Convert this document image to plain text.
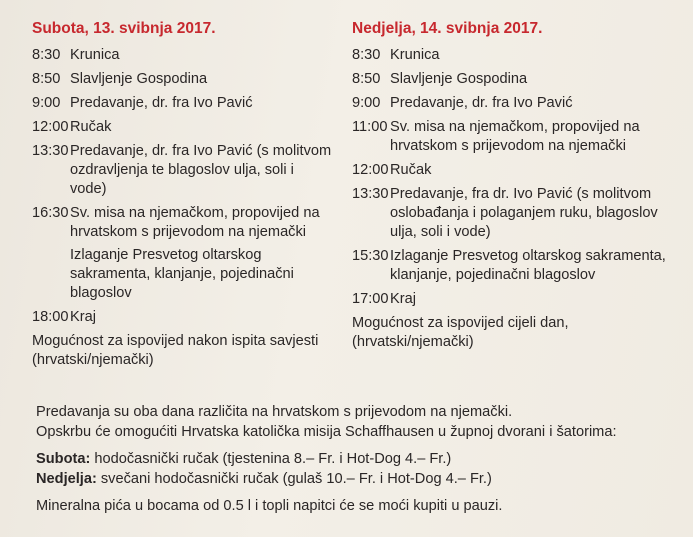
Subota, 13. svibnja 2017.
8:30 Krunica
8:50 Slavljenje Gospodina
9:00 Predavanje, dr. fra Ivo Pavić
12:00 Ručak
13:30 Predavanje, dr. fra Ivo Pavić (s molitvom ozdravljenja te blagoslov ulja, soli i vode)
16:30 Sv. misa na njemačkom, propovijed na hrvatskom s prijevodom na njemački
Izlaganje Presvetog oltarskog sakramenta, klanjanje, pojedinačni blagoslov
18:00 Kraj

Mogućnost za ispovijed nakon ispita savjesti (hrvatski/njemački)

Nedjelja, 14. svibnja 2017.
8:30 Krunica
8:50 Slavljenje Gospodina
9:00 Predavanje, dr. fra Ivo Pavić
11:00 Sv. misa na njemačkom, propovijed na hrvatskom s prijevodom na njemački
12:00 Ručak
13:30 Predavanje, fra dr. Ivo Pavić (s molitvom oslobađanja i polaganjem ruku, blagoslov ulja, soli i vode)
15:30 Izlaganje Presvetog oltarskog sakramenta, klanjanje, pojedinačni blagoslov
17:00 Kraj

Mogućnost za ispovijed cijeli dan, (hrvatski/njemački)

Predavanja su oba dana različita na hrvatskom s prijevodom na njemački.

Opskrbu će omogućiti Hrvatska katolička misija Schaffhausen u župnoj dvorani i šatorima:

Subota: hodočasnički ručak (tjestenina 8.– Fr. i Hot-Dog 4.– Fr.)

Nedjelja: svečani hodočasnički ručak (gulaš 10.– Fr. i Hot-Dog 4.– Fr.)

Mineralna pića u bocama od 0.5 l i topli napitci će se moći kupiti u pauzi.
